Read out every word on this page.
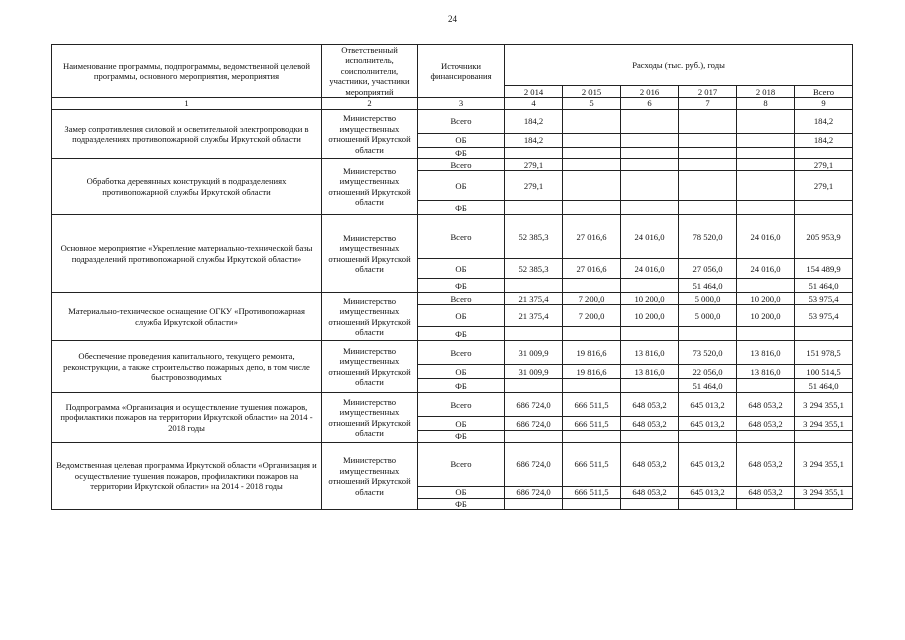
24
Наименование программы, подпрограммы, ведомственной целевой программы, основного мероприятия, мероприятия	Ответственный исполнитель, соисполнители, участники, участники мероприятий	Источники финансирования	Расходы (тыс. руб.), годы					
			2 014	2 015	2 016	2 017	2 018	Всего
1	2	3	4	5	6	7	8	9
Замер сопротивления силовой и осветительной электропроводки в подразделениях противопожарной службы Иркутской области	Министерство имущественных отношений Иркутской области	Всего	184,2					184,2
		ОБ	184,2					184,2
		ФБ						
Обработка деревянных конструкций в подразделениях противопожарной службы Иркутской области	Министерство имущественных отношений Иркутской области	Всего	279,1					279,1
		ОБ	279,1					279,1
		ФБ						
Основное мероприятие «Укрепление материально-технической базы подразделений противопожарной службы Иркутской области»	Министерство имущественных отношений Иркутской области	Всего	52 385,3	27 016,6	24 016,0	78 520,0	24 016,0	205 953,9
		ОБ	52 385,3	27 016,6	24 016,0	27 056,0	24 016,0	154 489,9
		ФБ				51 464,0		51 464,0
Материально-техническое оснащение ОГКУ «Противопожарная служба Иркутской области»	Министерство имущественных отношений Иркутской области	Всего	21 375,4	7 200,0	10 200,0	5 000,0	10 200,0	53 975,4
		ОБ	21 375,4	7 200,0	10 200,0	5 000,0	10 200,0	53 975,4
		ФБ						
Обеспечение проведения капитального, текущего ремонта, реконструкции, а также строительство пожарных депо, в том числе быстровозводимых	Министерство имущественных отношений Иркутской области	Всего	31 009,9	19 816,6	13 816,0	73 520,0	13 816,0	151 978,5
		ОБ	31 009,9	19 816,6	13 816,0	22 056,0	13 816,0	100 514,5
		ФБ				51 464,0		51 464,0
Подпрограмма «Организация и осуществление тушения пожаров, профилактики пожаров на территории Иркутской области» на 2014 - 2018 годы	Министерство имущественных отношений Иркутской области	Всего	686 724,0	666 511,5	648 053,2	645 013,2	648 053,2	3 294 355,1
		ОБ	686 724,0	666 511,5	648 053,2	645 013,2	648 053,2	3 294 355,1
		ФБ						
Ведомственная целевая программа Иркутской области «Организация и осуществление тушения пожаров, профилактики пожаров на территории Иркутской области» на 2014 - 2018 годы	Министерство имущественных отношений Иркутской области	Всего	686 724,0	666 511,5	648 053,2	645 013,2	648 053,2	3 294 355,1
		ОБ	686 724,0	666 511,5	648 053,2	645 013,2	648 053,2	3 294 355,1
		ФБ						
